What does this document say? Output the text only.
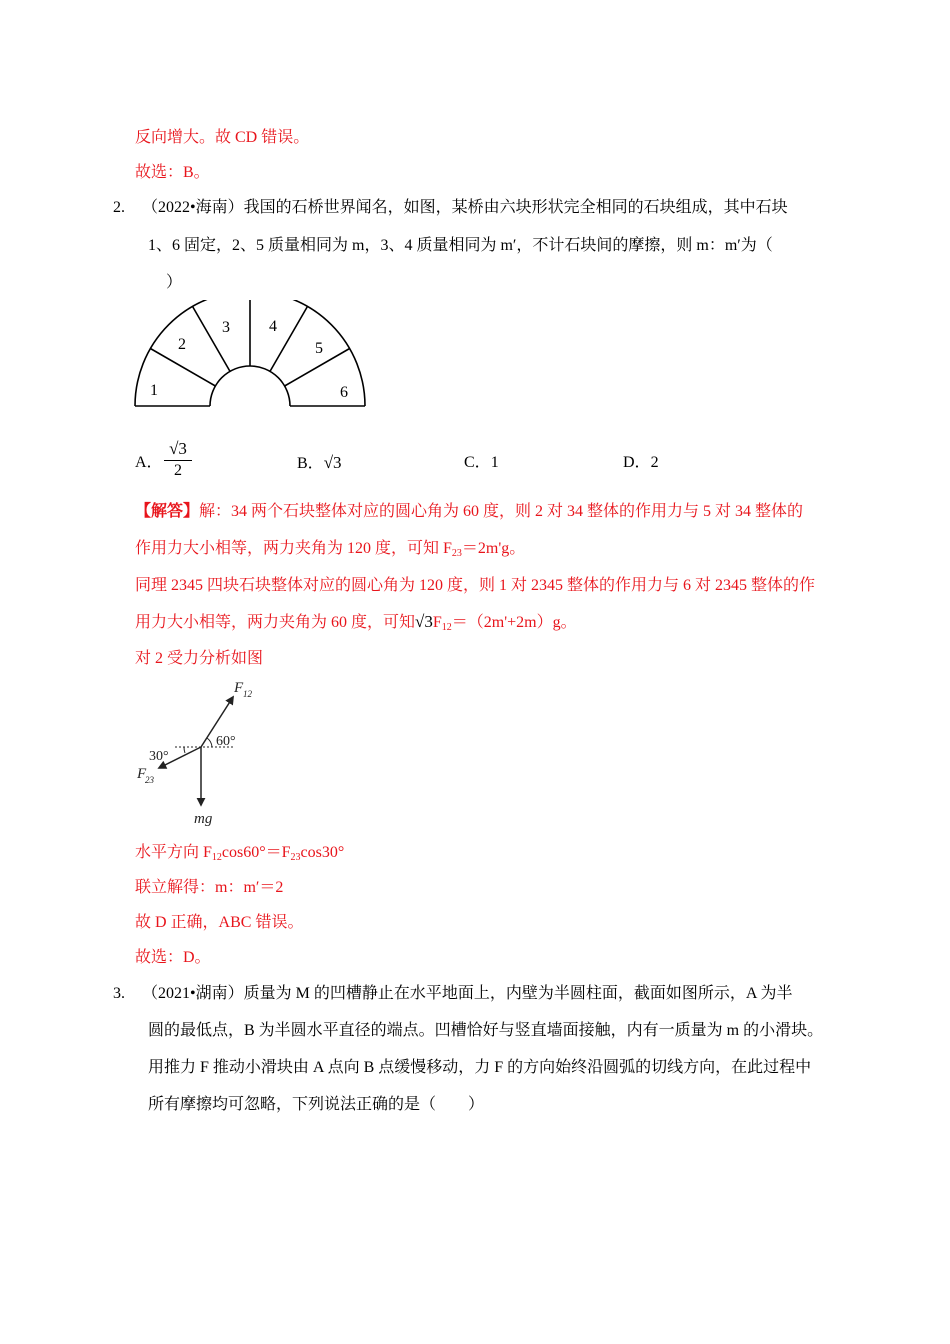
反向增大。故 CD 错误。
故选：B。
2. （2022•海南）我国的石桥世界闻名，如图，某桥由六块形状完全相同的石块组成，其中石块
1、6 固定，2、5 质量相同为 m，3、4 质量相同为 m′，不计石块间的摩擦，则 m：m′为（
）
1
2
3 4
5
6
A．
√3
2	B．√3	C．1	D．2
【解答】解：34 两个石块整体对应的圆心角为 60 度，则 2 对 34 整体的作用力与 5 对 34 整体的
作用力大小相等，两力夹角为 120 度，可知 $F_{23}=2m'g$。
同理 2345 四块石块整体对应的圆心角为 120 度，则 1 对 2345 整体的作用力与 6 对 2345 整体的作
用力大小相等，两力夹角为 60 度，可知$√3F_{12}=(2m'+2m)g$。
对 2 受力分析如图
F 12
F
23
mg
60°
30°
水平方向 $F_{12}\cos 60^\circ=F_{23}\cos 30^\circ$
联立解得：m：m′＝2
故 D 正确，ABC 错误。
故选：D。
3. （2021•湖南）质量为 M 的凹槽静止在水平地面上，内壁为半圆柱面，截面如图所示，A 为半
圆的最低点，B 为半圆水平直径的端点。凹槽恰好与竖直墙面接触，内有一质量为 m 的小滑块。
用推力 F 推动小滑块由 A 点向 B 点缓慢移动，力 F 的方向始终沿圆弧的切线方向，在此过程中
所有摩擦均可忽略，下列说法正确的是（　　）
